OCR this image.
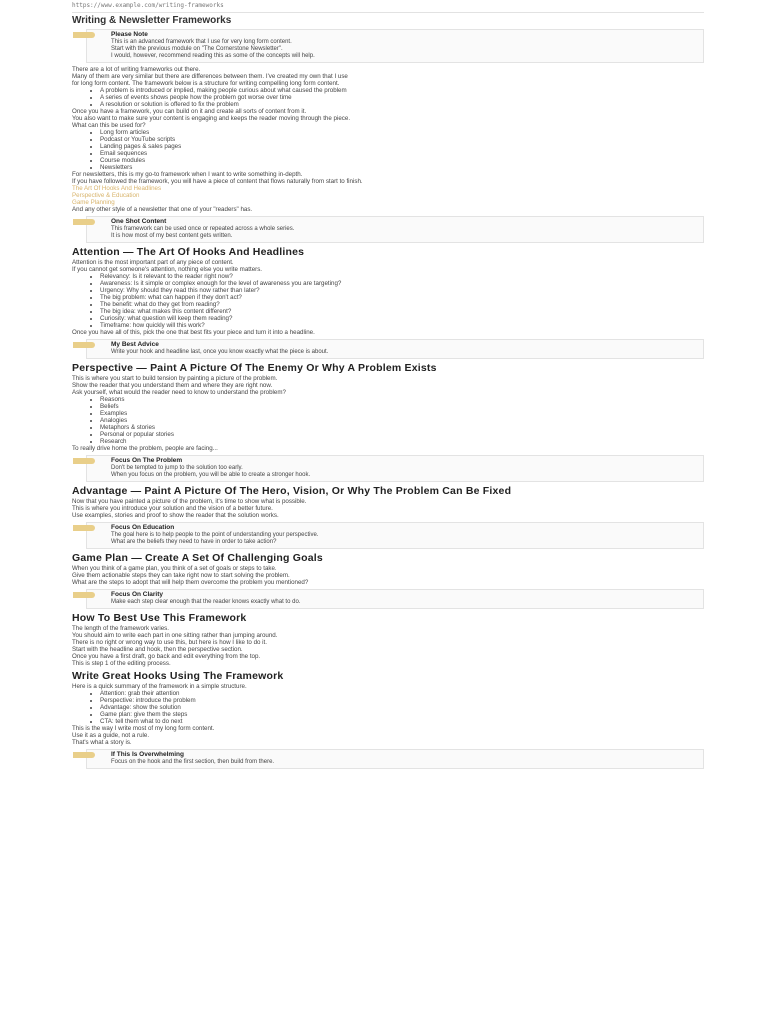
https://www.example.com/writing-frameworks
Writing & Newsletter Frameworks
Please Note

This is an advanced framework that I use for very long form content.

Start with the previous module on "The Cornerstone Newsletter".

I would, however, recommend reading this as some of the concepts will help.

There are a lot of writing frameworks out there.

Many of them are very similar but there are differences between them. I've created my own that I use

for long form content. The framework below is a structure for writing compelling long form content.

• A problem is introduced or implied, making people curious about what caused the problem
• A series of events shows people how the problem got worse over time
• A resolution or solution is offered to fix the problem

Once you have a framework, you can build on it and create all sorts of content from it.

You also want to make sure your content is engaging and keeps the reader moving through the piece.

What can this be used for?

• Long form articles
• Podcast or YouTube scripts
• Landing pages & sales pages
• Email sequences
• Course modules
• Newsletters

For newsletters, this is my go-to framework when I want to write something in-depth.

If you have followed the framework, you will have a piece of content that flows naturally from start to finish.

The Art Of Hooks And Headlines

Perspective & Education

Game Planning

And any other style of a newsletter that one of your "readers" has.

One Shot Content

This framework can be used once or repeated across a whole series.

It is how most of my best content gets written.

Attention — The Art Of Hooks And Headlines

Attention is the most important part of any piece of content.

If you cannot get someone's attention, nothing else you write matters.

• Relevancy: Is it relevant to the reader right now?
• Awareness: Is it simple or complex enough for the level of awareness you are targeting?
• Urgency: Why should they read this now rather than later?
• The big problem: what can happen if they don't act?
• The benefit: what do they get from reading?
• The big idea: what makes this content different?
• Curiosity: what question will keep them reading?
• Timeframe: how quickly will this work?

Once you have all of this, pick the one that best fits your piece and turn it into a headline.

My Best Advice

Write your hook and headline last, once you know exactly what the piece is about.

Perspective — Paint A Picture Of The Enemy Or Why A Problem Exists

This is where you start to build tension by painting a picture of the problem.

Show the reader that you understand them and where they are right now.

Ask yourself, what would the reader need to know to understand the problem?

• Reasons
• Beliefs
• Examples
• Analogies
• Metaphors & stories
• Personal or popular stories
• Research

To really drive home the problem, people are facing...

Focus On The Problem

Don't be tempted to jump to the solution too early.

When you focus on the problem, you will be able to create a stronger hook.

Advantage — Paint A Picture Of The Hero, Vision, Or Why The Problem Can Be Fixed

Now that you have painted a picture of the problem, it's time to show what is possible.

This is where you introduce your solution and the vision of a better future.

Use examples, stories and proof to show the reader that the solution works.

Focus On Education

The goal here is to help people to the point of understanding your perspective.

What are the beliefs they need to have in order to take action?

Game Plan — Create A Set Of Challenging Goals

When you think of a game plan, you think of a set of goals or steps to take.

Give them actionable steps they can take right now to start solving the problem.

What are the steps to adopt that will help them overcome the problem you mentioned?

Focus On Clarity

Make each step clear enough that the reader knows exactly what to do.

How To Best Use This Framework

The length of the framework varies.

You should aim to write each part in one sitting rather than jumping around.

There is no right or wrong way to use this, but here is how I like to do it.

Start with the headline and hook, then the perspective section.

Once you have a first draft, go back and edit everything from the top.

This is step 1 of the editing process.

Write Great Hooks Using The Framework

Here is a quick summary of the framework in a simple structure.

• Attention: grab their attention
• Perspective: introduce the problem
• Advantage: show the solution
• Game plan: give them the steps
• CTA: tell them what to do next

This is the way I write most of my long form content.

Use it as a guide, not a rule.

That's what a story is.

If This Is Overwhelming

Focus on the hook and the first section, then build from there.
